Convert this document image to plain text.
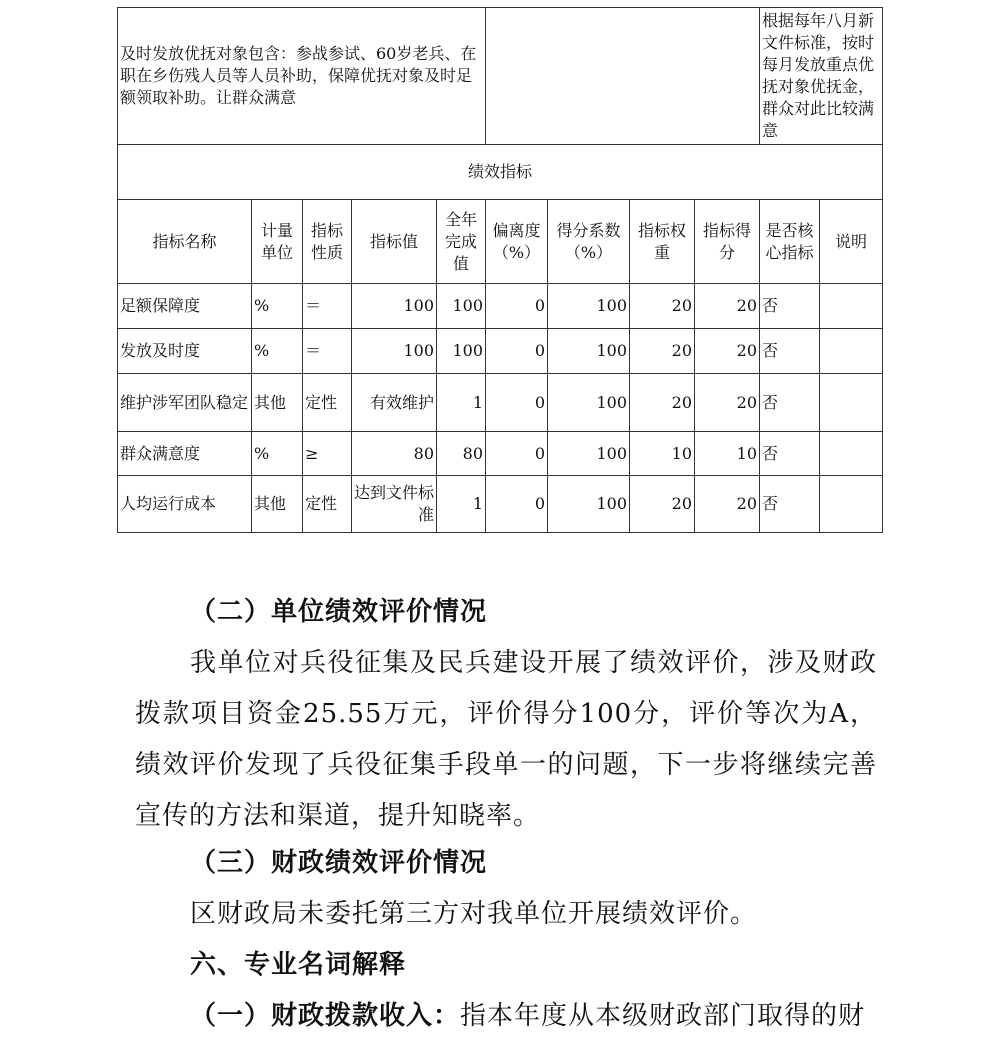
及时发放优抚对象包含：参战参试、60岁老兵、在职在乡伤残人员等人员补助，保障优抚对象及时足额领取补助。让群众满意									根据每年八月新文件标准，按时每月发放重点优抚对象优抚金，群众对此比较满意	
绩效指标										
指标名称	计量单位	指标性质	指标值	全年完成值	偏离度（%）	得分系数（%）	指标权重	指标得分	是否核心指标	说明
足额保障度	%	＝	100	100	0	100	20	20	否	
发放及时度	%	＝	100	100	0	100	20	20	否	
维护涉军团队稳定	其他	定性	有效维护	1	0	100	20	20	否	
群众满意度	%	≥	80	80	0	100	10	10	否	
人均运行成本	其他	定性	达到文件标准	1	0	100	20	20	否	

（二）单位绩效评价情况

我单位对兵役征集及民兵建设开展了绩效评价，涉及财政拨款项目资金25.55万元，评价得分100分，评价等次为A，绩效评价发现了兵役征集手段单一的问题，下一步将继续完善宣传的方法和渠道，提升知晓率。

（三）财政绩效评价情况

区财政局未委托第三方对我单位开展绩效评价。

六、专业名词解释

（一）财政拨款收入：指本年度从本级财政部门取得的财
